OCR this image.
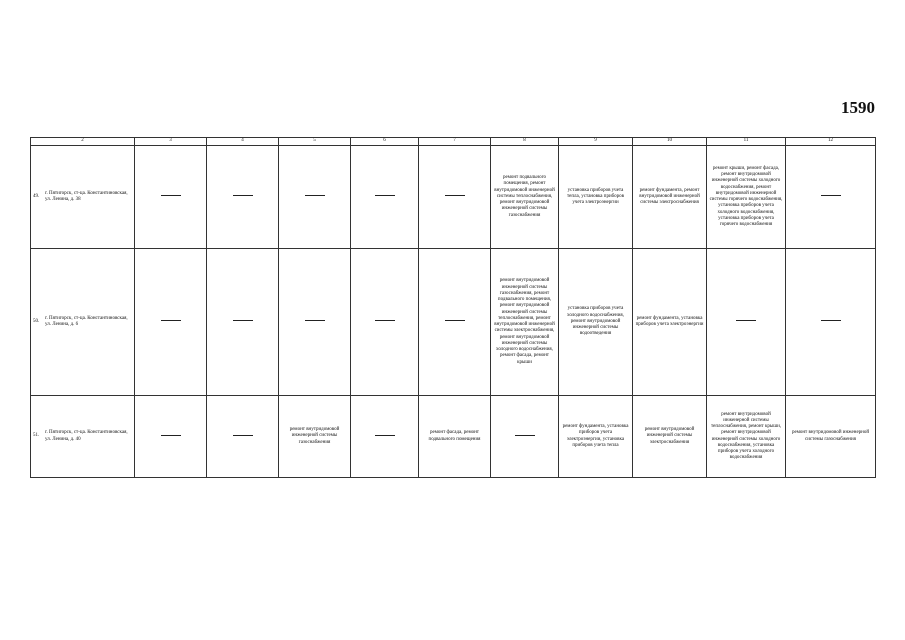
1590
2	3	4	5	6	7	8	9	10	11	12

49.
г. Пятигорск, ст-ца. Константиновская, ул. Ленина, д. 38						ремонт подвального помещения, ремонт внутридомовой инженерной системы теплоснабжения, ремонт внутридомовой инженерной системы газоснабжения	установка приборов учета тепла, установка приборов учета электроэнергии	ремонт фундамента, ремонт внутридомовой инженерной системы электроснабжения	ремонт крыши, ремонт фасада, ремонт внутридомовой инженерной системы холодного водоснабжения, ремонт внутридомовой инженерной системы горячего водоснабжения, установка приборов учета холодного водоснабжения, установка приборов учета горячего водоснабжения	

50.
г. Пятигорск, ст-ца. Константиновская, ул. Ленина, д. 6						ремонт внутридомовой инженерной системы газоснабжения, ремонт подвального помещения, ремонт внутридомовой инженерной системы теплоснабжения, ремонт внутридомовой инженерной системы электроснабжения, ремонт внутридомовой инженерной системы холодного водоснабжения, ремонт фасада, ремонт крыши	установка приборов учета холодного водоснабжения, ремонт внутридомовой инженерной системы водоотведения	ремонт фундамента, установка приборов учета электроэнергии		

51.
г. Пятигорск, ст-ца. Константиновская, ул. Ленина, д. 40			ремонт внутридомовой инженерной системы газоснабжения		ремонт фасада, ремонт подвального помещения		ремонт фундамента, установка приборов учета электроэнергии, установка приборов учета тепла	ремонт внутридомовой инженерной системы электроснабжения	ремонт внутридомовой инженерной системы теплоснабжения, ремонт крыши, ремонт внутридомовой инженерной системы холодного водоснабжения, установка приборов учета холодного водоснабжения	ремонт внутридомовой инженерной системы газоснабжения
